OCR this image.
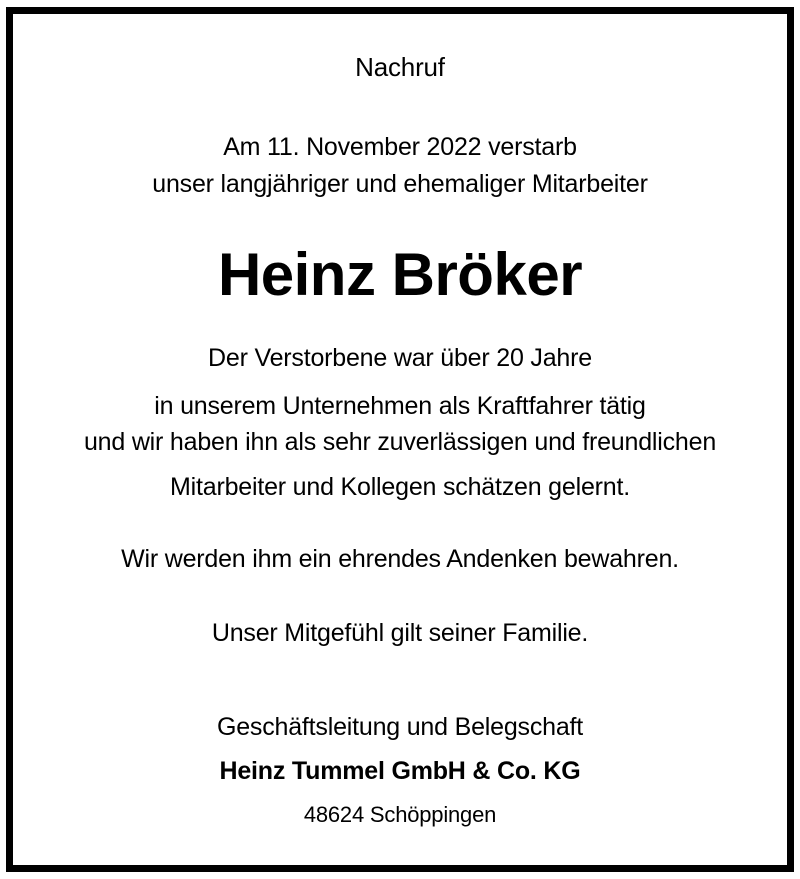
Nachruf
Am 11. November 2022 verstarb
unser langjähriger und ehemaliger Mitarbeiter
Heinz Bröker
Der Verstorbene war über 20 Jahre
in unserem Unternehmen als Kraftfahrer tätig
und wir haben ihn als sehr zuverlässigen und freundlichen
Mitarbeiter und Kollegen schätzen gelernt.
Wir werden ihm ein ehrendes Andenken bewahren.
Unser Mitgefühl gilt seiner Familie.
Geschäftsleitung und Belegschaft
Heinz Tummel GmbH & Co. KG
48624 Schöppingen
